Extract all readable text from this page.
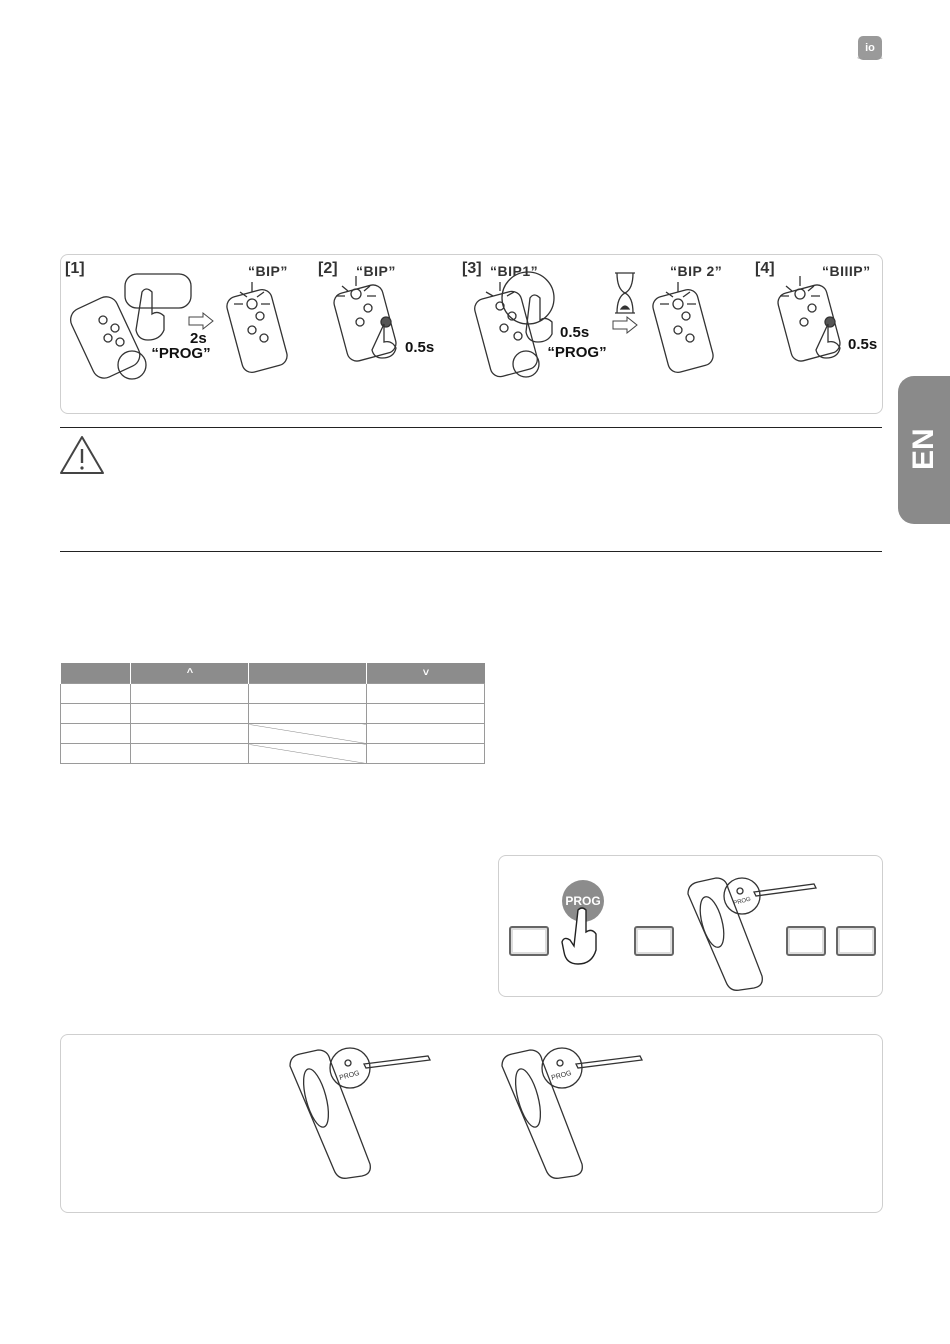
io
Somfy smart home
EN
[1]
2s
“PROG”
“BIP” [2] “BIP”
0.5s
[3] “BIP1”
0.5s
“PROG”
“BIP 2” [4]	“BIIIP”
0.5s
	^		˅

PROG	PROG
PROG	PROG
